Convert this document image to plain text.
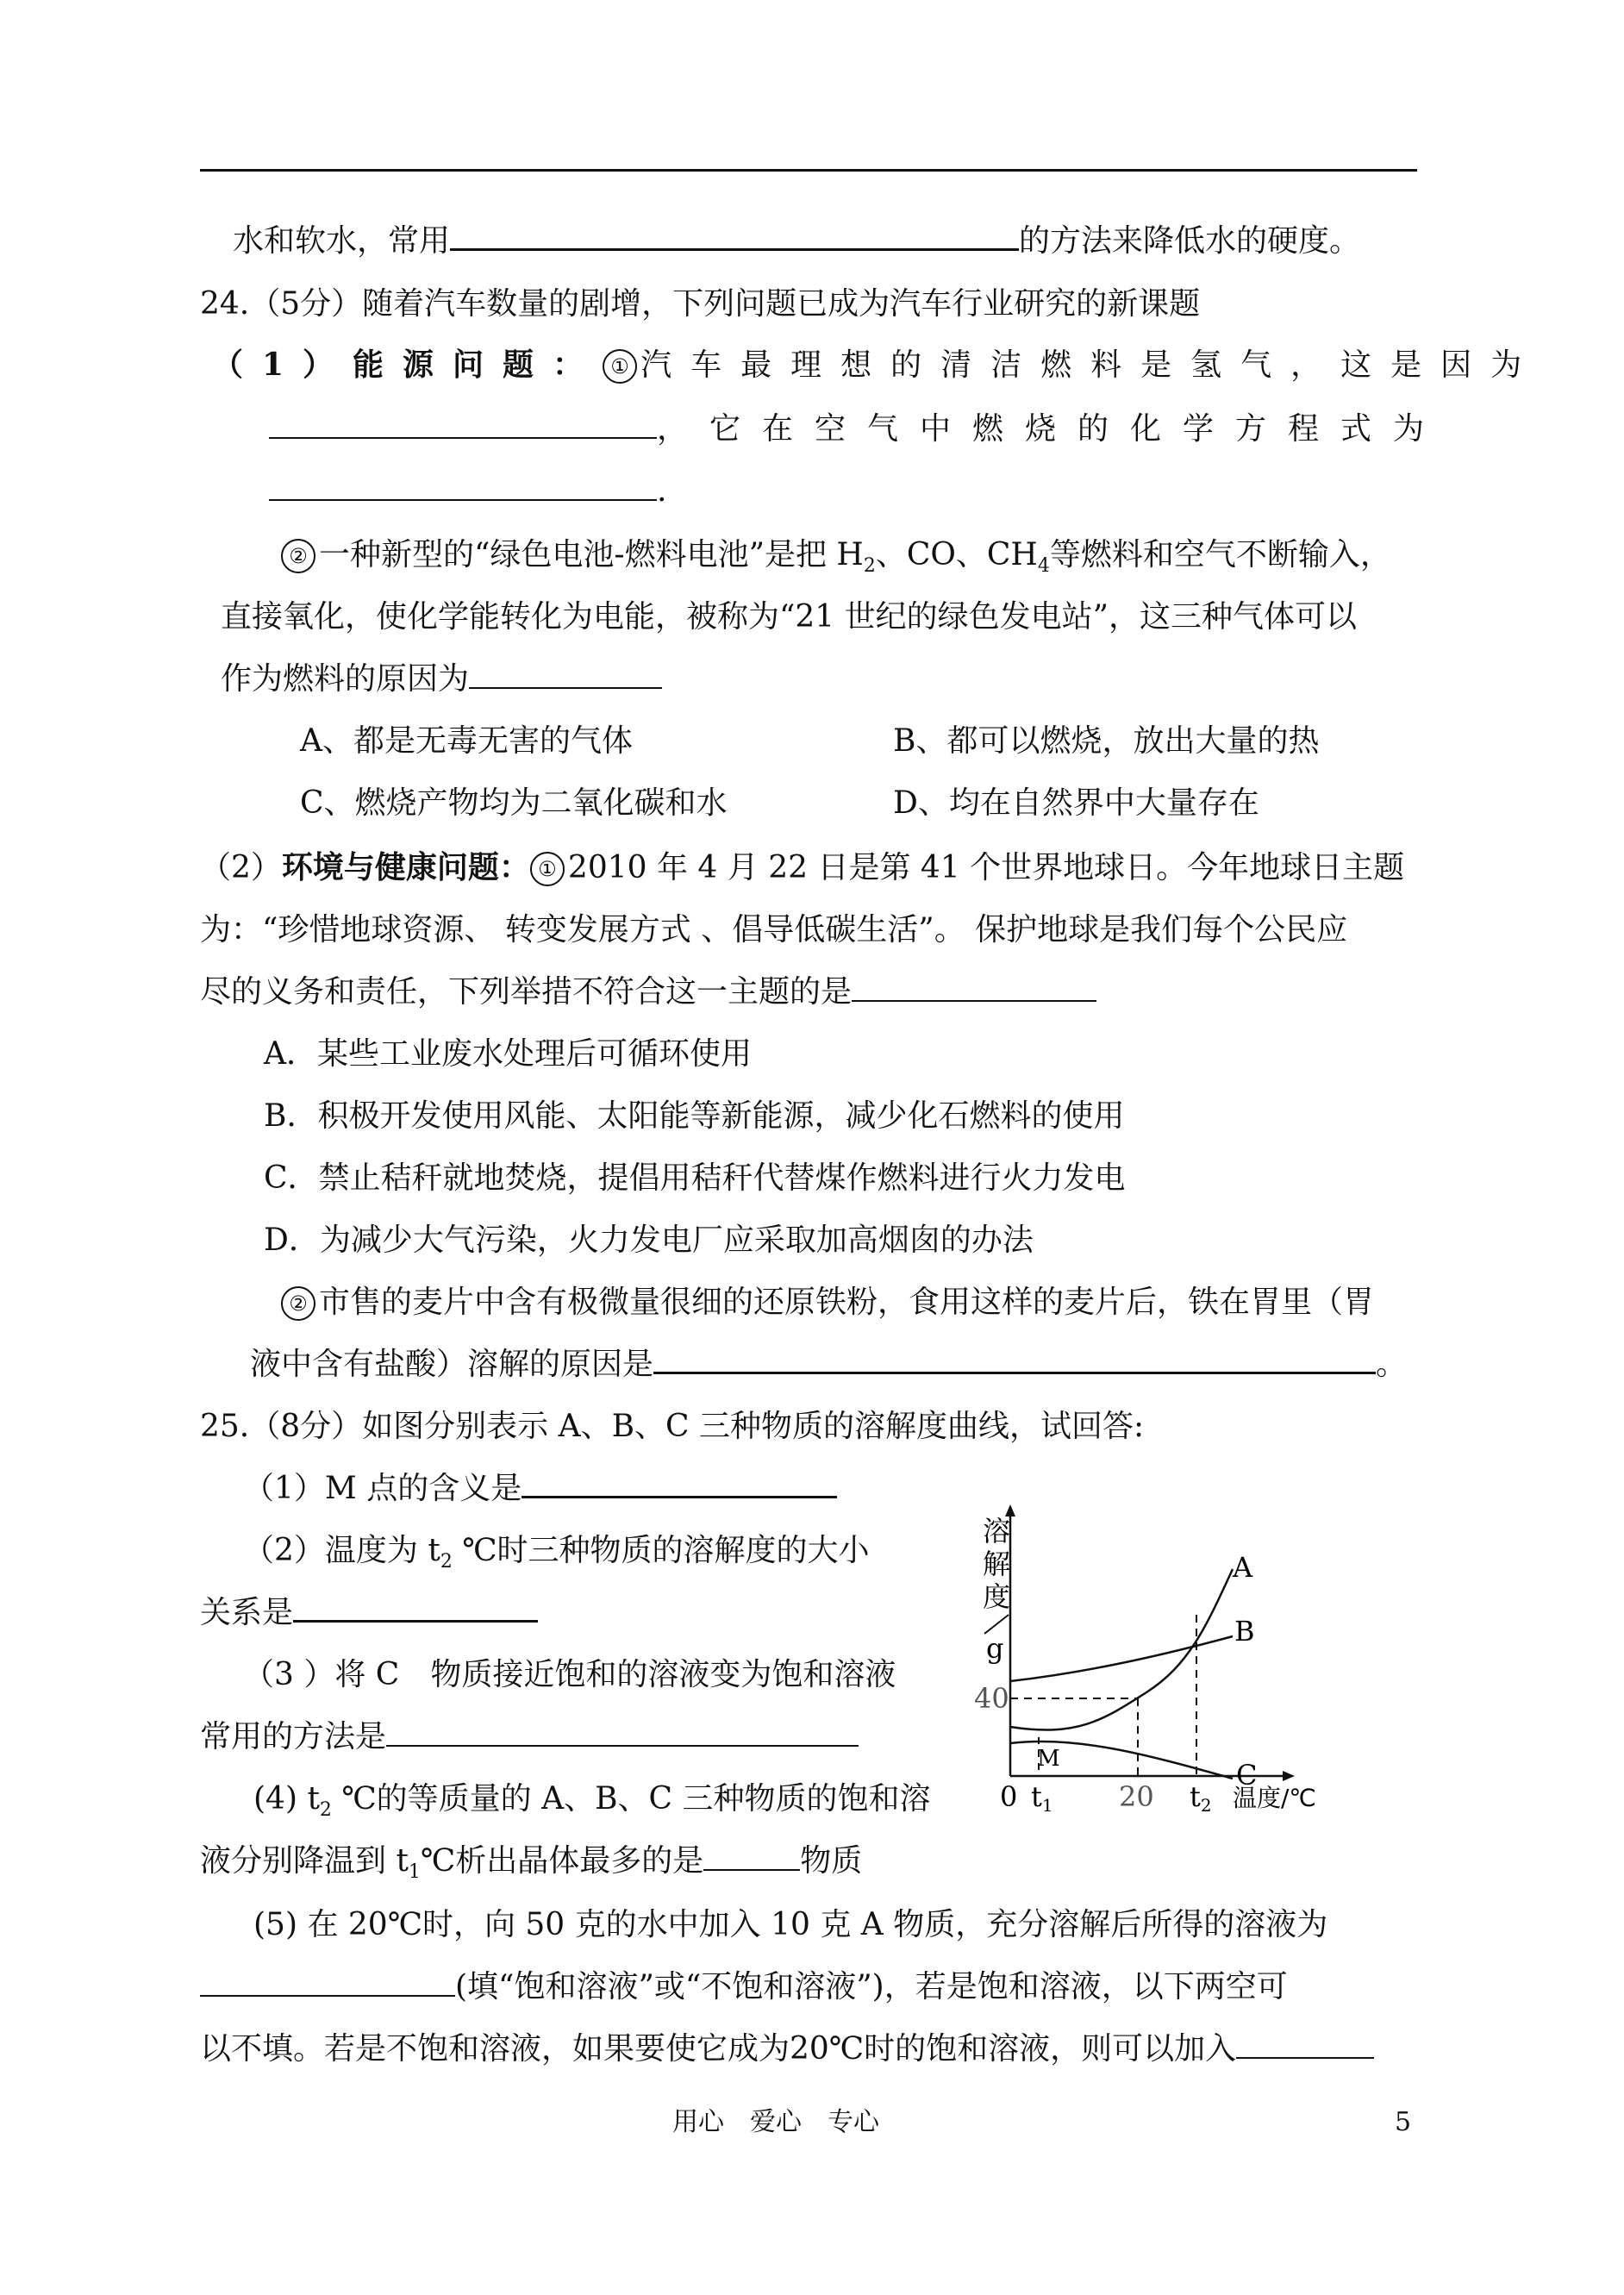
水和软水，常用	的方法来降低水的硬度。
24.（5分）随着汽车数量的剧增，下列问题已成为汽车行业研究的新课题
（1）能源问题： ① 汽车最理想的清洁燃料是氢气，这是因为
，它在空气中燃烧的化学方程式为
.
② 一种新型的“绿色电池-燃料电池”是把 $H_2$、CO、$CH_4$等燃料和空气不断输入，
直接氧化，使化学能转化为电能，被称为“21 世纪的绿色发电站”，这三种气体可以
作为燃料的原因为
A、都是无毒无害的气体	B、都可以燃烧，放出大量的热
C、燃烧产物均为二氧化碳和水	D、均在自然界中大量存在
（2）环境与健康问题： ① 2010 年 4 月 22 日是第 41 个世界地球日。今年地球日主题
为：“珍惜地球资源、 转变发展方式 、倡导低碳生活”。 保护地球是我们每个公民应
尽的义务和责任，下列举措不符合这一主题的是
A．某些工业废水处理后可循环使用
B．积极开发使用风能、太阳能等新能源，减少化石燃料的使用
C．禁止秸秆就地焚烧，提倡用秸秆代替煤作燃料进行火力发电
D．为减少大气污染，火力发电厂应采取加高烟囱的办法
② 市售的麦片中含有极微量很细的还原铁粉，食用这样的麦片后，铁在胃里（胃
液中含有盐酸）溶解的原因是	。
25.（8分）如图分别表示 A、B、C 三种物质的溶解度曲线，试回答:
（1）M 点的含义是
（2）温度为 $t_2$ ℃时三种物质的溶解度的大小
关系是
（3 ）将 C　物质接近饱和的溶液变为饱和溶液
常用的方法是
(4) $t_2$ ℃的等质量的 A、B、C 三种物质的饱和溶
液分别降温到 $t_1℃$析出晶体最多的是	物质
(5) 在 20℃时，向 50 克的水中加入 10 克 A 物质，充分溶解后所得的溶液为
(填“饱和溶液”或“不饱和溶液”)，若是饱和溶液，以下两空可
以不填。若是不饱和溶液，如果要使它成为20℃时的饱和溶液，则可以加入
溶
解
度
g
40
A
B
C
M
0 t1 20 t2 温度/℃
用心　爱心　专心	5
